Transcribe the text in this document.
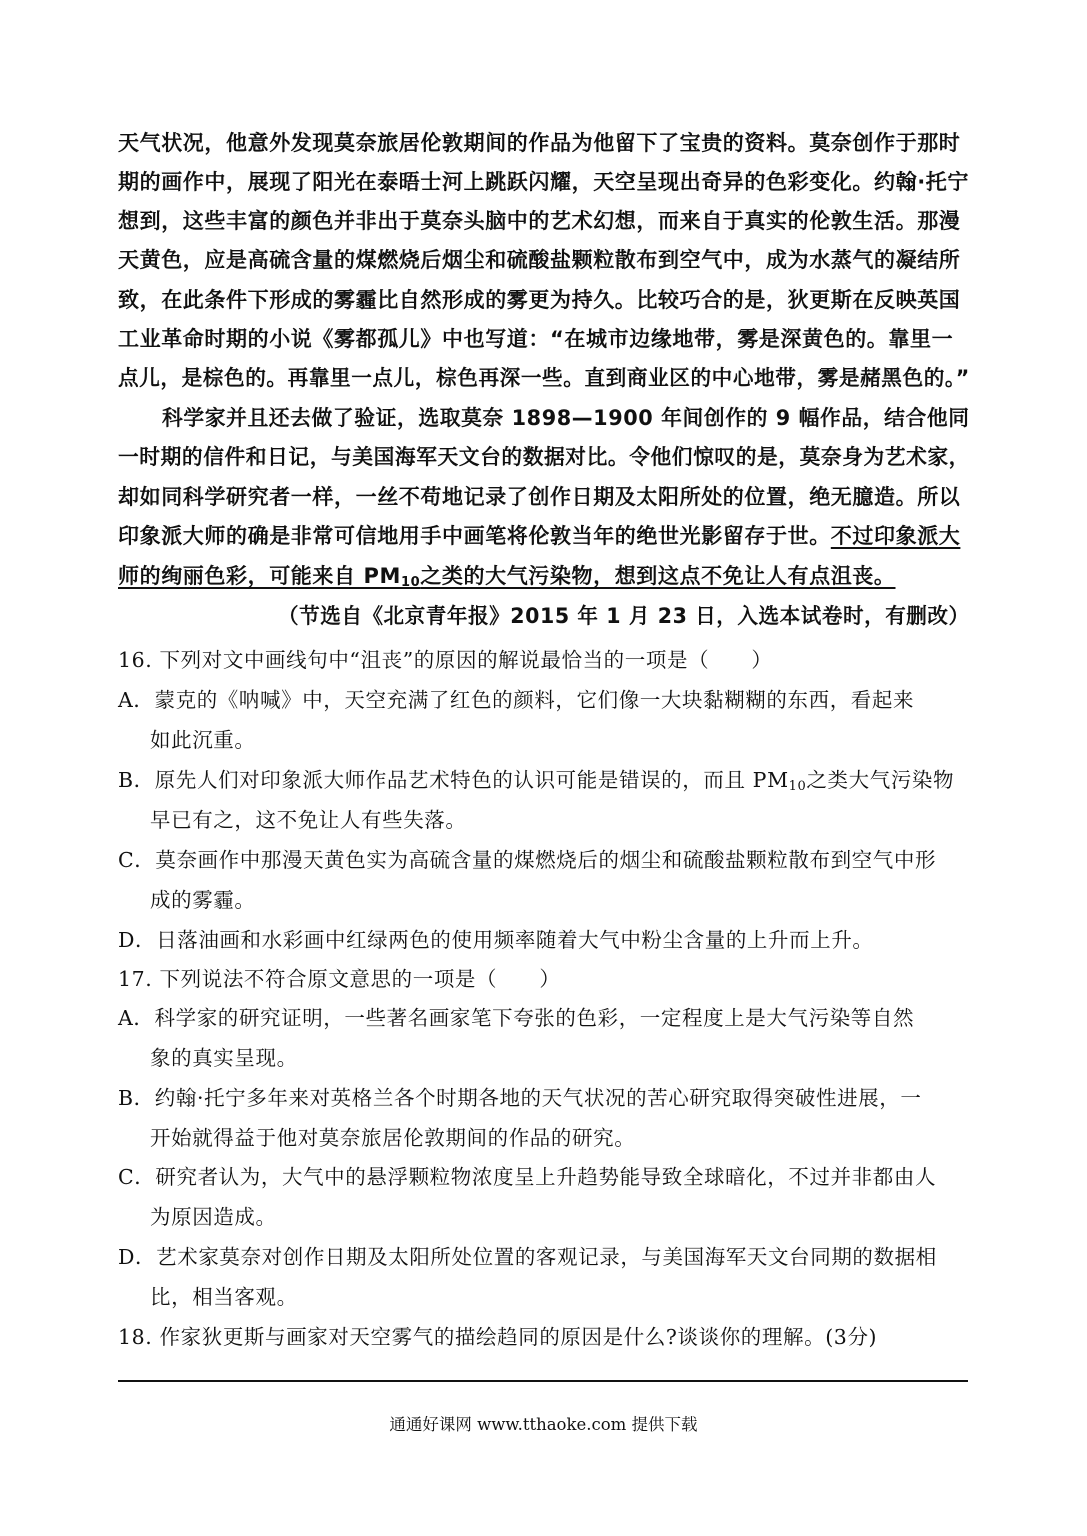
天气状况，他意外发现莫奈旅居伦敦期间的作品为他留下了宝贵的资料。莫奈创作于那时
期的画作中，展现了阳光在泰晤士河上跳跃闪耀，天空呈现出奇异的色彩变化。约翰·托宁
想到，这些丰富的颜色并非出于莫奈头脑中的艺术幻想，而来自于真实的伦敦生活。那漫
天黄色，应是高硫含量的煤燃烧后烟尘和硫酸盐颗粒散布到空气中，成为水蒸气的凝结所
致，在此条件下形成的雾霾比自然形成的雾更为持久。比较巧合的是，狄更斯在反映英国
工业革命时期的小说《雾都孤儿》中也写道：“在城市边缘地带，雾是深黄色的。靠里一
点儿，是棕色的。再靠里一点儿，棕色再深一些。直到商业区的中心地带，雾是赭黑色的。”
科学家并且还去做了验证，选取莫奈 1898—1900 年间创作的 9 幅作品，结合他同
一时期的信件和日记，与美国海军天文台的数据对比。令他们惊叹的是，莫奈身为艺术家，
却如同科学研究者一样，一丝不苟地记录了创作日期及太阳所处的位置，绝无臆造。所以
印象派大师的确是非常可信地用手中画笔将伦敦当年的绝世光影留存于世。不过印象派大
师的绚丽色彩，可能来自 $PM_{10}$之类的大气污染物，想到这点不免让人有点沮丧。
（节选自《北京青年报》2015 年 1 月 23 日，入选本试卷时，有删改）
16. 下列对文中画线句中“沮丧”的原因的解说最恰当的一项是（　　）
A．蒙克的《呐喊》中，天空充满了红色的颜料，它们像一大块黏糊糊的东西，看起来
如此沉重。
B．原先人们对印象派大师作品艺术特色的认识可能是错误的，而且 $PM_{10}$之类大气污染物
早已有之，这不免让人有些失落。
C．莫奈画作中那漫天黄色实为高硫含量的煤燃烧后的烟尘和硫酸盐颗粒散布到空气中形
成的雾霾。
D．日落油画和水彩画中红绿两色的使用频率随着大气中粉尘含量的上升而上升。
17. 下列说法不符合原文意思的一项是（　　）
A．科学家的研究证明，一些著名画家笔下夸张的色彩，一定程度上是大气污染等自然
象的真实呈现。
B．约翰·托宁多年来对英格兰各个时期各地的天气状况的苦心研究取得突破性进展，一
开始就得益于他对莫奈旅居伦敦期间的作品的研究。
C．研究者认为，大气中的悬浮颗粒物浓度呈上升趋势能导致全球暗化，不过并非都由人
为原因造成。
D．艺术家莫奈对创作日期及太阳所处位置的客观记录，与美国海军天文台同期的数据相
比，相当客观。
18. 作家狄更斯与画家对天空雾气的描绘趋同的原因是什么?谈谈你的理解。(3分)
通通好课网 www.tthaoke.com 提供下载
